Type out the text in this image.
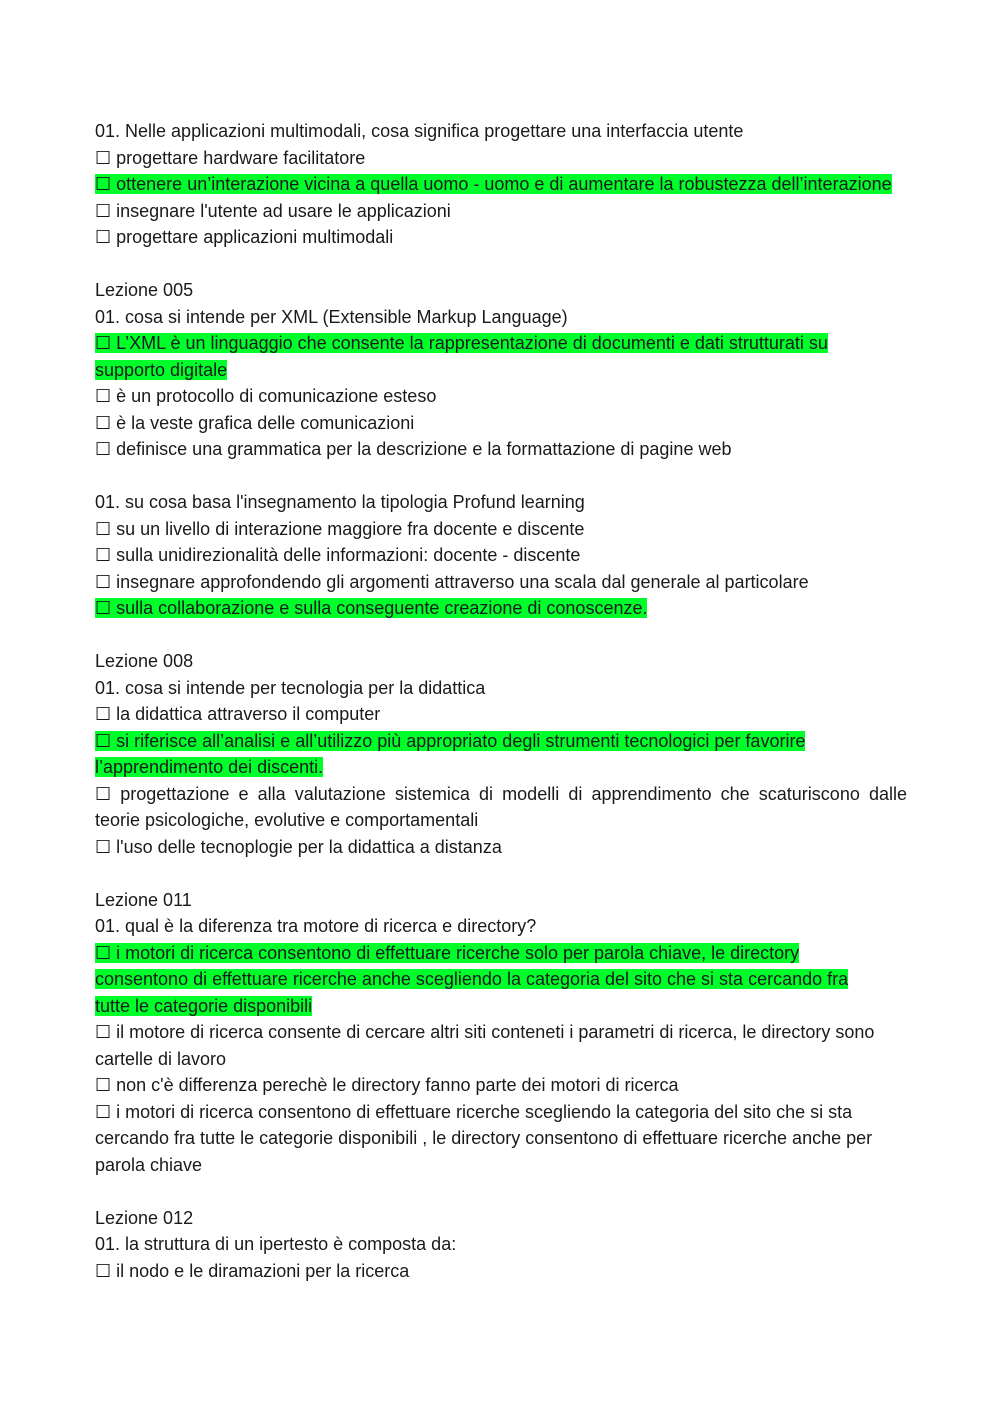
01. Nelle applicazioni multimodali, cosa significa progettare una interfaccia utente
☐ progettare hardware facilitatore
☐ ottenere un’interazione vicina a quella uomo - uomo e di aumentare la robustezza dell’interazione
☐ insegnare l'utente ad usare le applicazioni
☐ progettare applicazioni multimodali
Lezione 005
01. cosa si intende per XML (Extensible Markup Language)
☐ L’XML è un linguaggio che consente la rappresentazione di documenti e dati strutturati su supporto digitale
☐ è un protocollo di comunicazione esteso
☐ è la veste grafica delle comunicazioni
☐ definisce una grammatica per la descrizione e la formattazione di pagine web
01. su cosa basa l'insegnamento la tipologia Profund learning
☐ su un livello di interazione maggiore fra docente e discente
☐ sulla unidirezionalità delle informazioni: docente - discente
☐ insegnare approfondendo gli argomenti attraverso una scala dal generale al particolare
☐ sulla collaborazione e sulla conseguente creazione di conoscenze.
Lezione 008
01. cosa si intende per tecnologia per la didattica
☐ la didattica attraverso il computer
☐ si riferisce all’analisi e all’utilizzo più appropriato degli strumenti tecnologici per favorire l’apprendimento dei discenti.
☐ progettazione e alla valutazione sistemica di modelli di apprendimento che scaturiscono dalle teorie psicologiche, evolutive e comportamentali
☐ l'uso delle tecnoplogie per la didattica a distanza
Lezione 011
01. qual è la diferenza tra motore di ricerca e directory?
☐ i motori di ricerca consentono di effettuare ricerche solo per parola chiave, le directory consentono di effettuare ricerche anche scegliendo la categoria del sito che si sta cercando fra tutte le categorie disponibili
☐ il motore di ricerca consente di cercare altri siti conteneti i parametri di ricerca, le directory sono cartelle di lavoro
☐ non c'è differenza perechè le directory fanno parte dei motori di ricerca
☐ i motori di ricerca consentono di effettuare ricerche scegliendo la categoria del sito che si sta cercando fra tutte le categorie disponibili , le directory consentono di effettuare ricerche anche per parola chiave
Lezione 012
01. la struttura di un ipertesto è composta da:
☐ il nodo e le diramazioni per la ricerca
